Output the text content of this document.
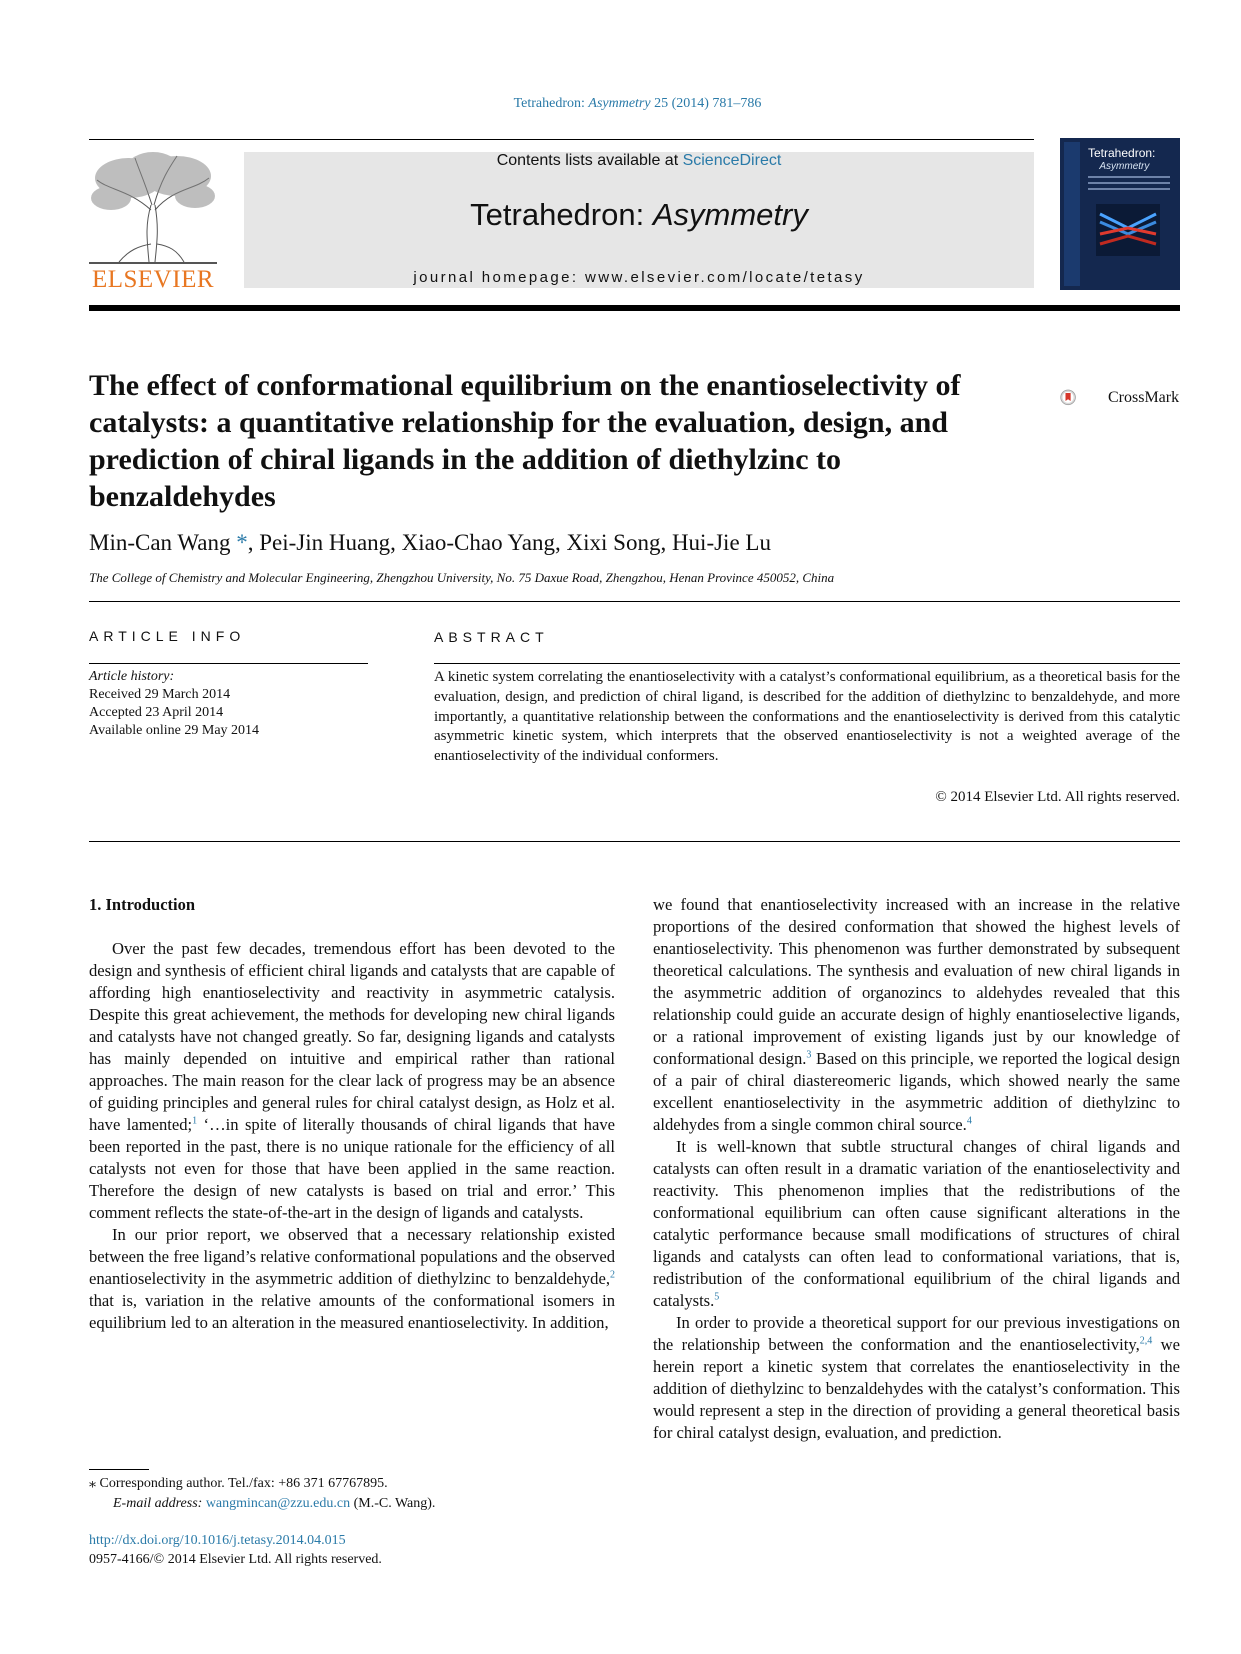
Tetrahedron: Asymmetry 25 (2014) 781–786
ELSEVIER
Contents lists available at ScienceDirect
Tetrahedron: Asymmetry
journal homepage: www.elsevier.com/locate/tetasy
Tetrahedron:
Asymmetry
The effect of conformational equilibrium on the enantioselectivity of catalysts: a quantitative relationship for the evaluation, design, and prediction of chiral ligands in the addition of diethylzinc to benzaldehydes
CrossMark
Min-Can Wang *, Pei-Jin Huang, Xiao-Chao Yang, Xixi Song, Hui-Jie Lu
The College of Chemistry and Molecular Engineering, Zhengzhou University, No. 75 Daxue Road, Zhengzhou, Henan Province 450052, China
ARTICLE INFO	ABSTRACT
Article history:
Received 29 March 2014
Accepted 23 April 2014
Available online 29 May 2014
A kinetic system correlating the enantioselectivity with a catalyst’s conformational equilibrium, as a theoretical basis for the evaluation, design, and prediction of chiral ligand, is described for the addition of diethylzinc to benzaldehyde, and more importantly, a quantitative relationship between the conformations and the enantioselectivity is derived from this catalytic asymmetric kinetic system, which interprets that the observed enantioselectivity is not a weighted average of the enantioselectivity of the individual conformers.
© 2014 Elsevier Ltd. All rights reserved.
1. Introduction

Over the past few decades, tremendous effort has been devoted to the design and synthesis of efficient chiral ligands and catalysts that are capable of affording high enantioselectivity and reactivity in asymmetric catalysis. Despite this great achievement, the methods for developing new chiral ligands and catalysts have not changed greatly. So far, designing ligands and catalysts has mainly depended on intuitive and empirical rather than rational approaches. The main reason for the clear lack of progress may be an absence of guiding principles and general rules for chiral catalyst design, as Holz et al. have lamented;$^1$ ‘…in spite of literally thousands of chiral ligands that have been reported in the past, there is no unique rationale for the efficiency of all catalysts not even for those that have been applied in the same reaction. Therefore the design of new catalysts is based on trial and error.’ This comment reflects the state-of-the-art in the design of ligands and catalysts.

In our prior report, we observed that a necessary relationship existed between the free ligand’s relative conformational populations and the observed enantioselectivity in the asymmetric addition of diethylzinc to benzaldehyde,$^2$ that is, variation in the relative amounts of the conformational isomers in equilibrium led to an alteration in the measured enantioselectivity. In addition,

we found that enantioselectivity increased with an increase in the relative proportions of the desired conformation that showed the highest levels of enantioselectivity. This phenomenon was further demonstrated by subsequent theoretical calculations. The synthesis and evaluation of new chiral ligands in the asymmetric addition of organozincs to aldehydes revealed that this relationship could guide an accurate design of highly enantioselective ligands, or a rational improvement of existing ligands just by our knowledge of conformational design.$^3$ Based on this principle, we reported the logical design of a pair of chiral diastereomeric ligands, which showed nearly the same excellent enantioselectivity in the asymmetric addition of diethylzinc to aldehydes from a single common chiral source.$^4$

It is well-known that subtle structural changes of chiral ligands and catalysts can often result in a dramatic variation of the enantioselectivity and reactivity. This phenomenon implies that the redistributions of the conformational equilibrium can often cause significant alterations in the catalytic performance because small modifications of structures of chiral ligands and catalysts can often lead to conformational variations, that is, redistribution of the conformational equilibrium of the chiral ligands and catalysts.$^5$

In order to provide a theoretical support for our previous investigations on the relationship between the conformation and the enantioselectivity,$^{2,4}$ we herein report a kinetic system that correlates the enantioselectivity in the addition of diethylzinc to benzaldehydes with the catalyst’s conformation. This would represent a step in the direction of providing a general theoretical basis for chiral catalyst design, evaluation, and prediction.

⁎ Corresponding author. Tel./fax: +86 371 67767895.
E-mail address: wangmincan@zzu.edu.cn (M.-C. Wang).
http://dx.doi.org/10.1016/j.tetasy.2014.04.015
0957-4166/© 2014 Elsevier Ltd. All rights reserved.
